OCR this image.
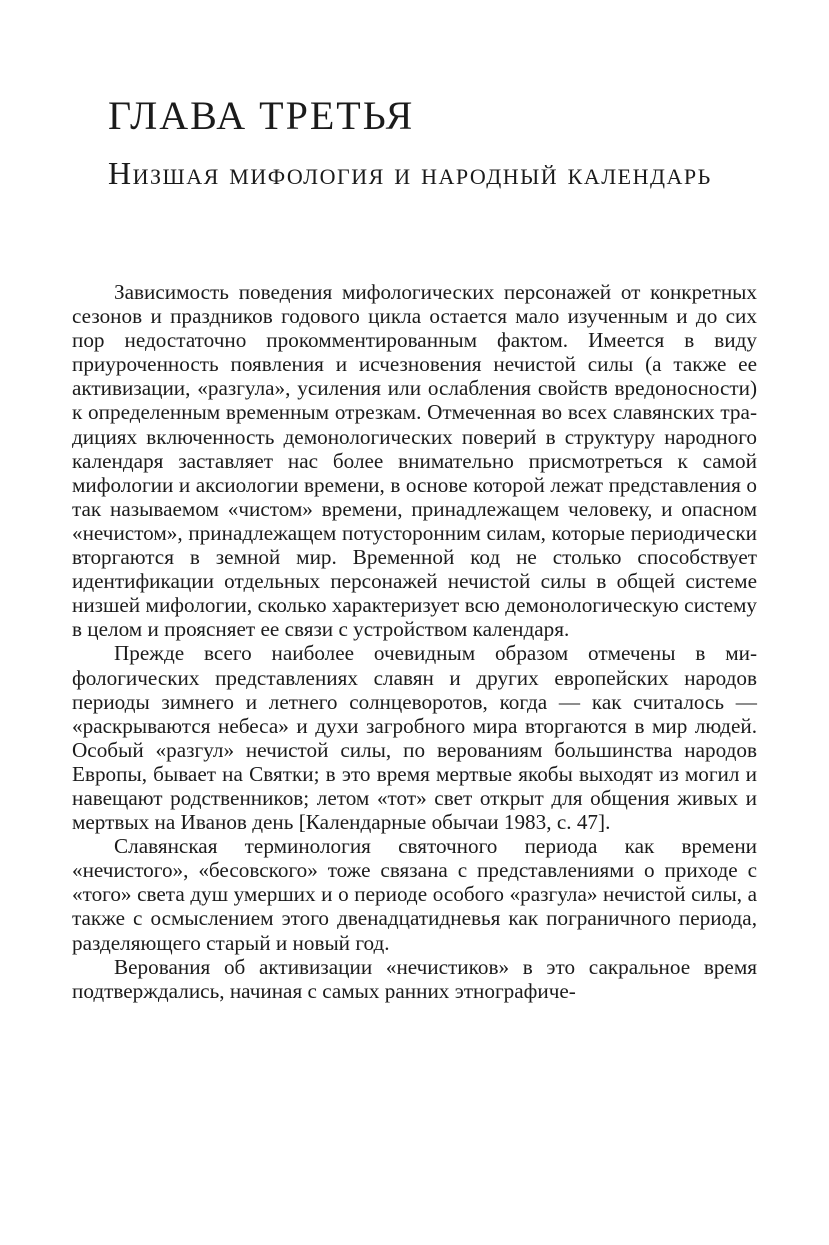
ГЛАВА ТРЕТЬЯ
Низшая мифология и народный календарь

Зависимость поведения мифологических персонажей от конкретных сезонов и праздников годового цикла остается мало изученным и до сих пор недостаточно прокомментированным фактом. Имеется в виду приуроченность появления и исчезновения нечистой силы (а также ее активизации, «разгула», усиления или ослабления свойств вредоносности) к определенным временным отрезкам. Отмеченная во всех славянских традициях включенность демонологических поверий в структуру народного календаря заставляет нас более внимательно присмотреться к самой мифологии и аксиологии времени, в основе которой лежат представления о так называемом «чистом» времени, принадлежащем человеку, и опасном «нечистом», принадлежащем потусторонним силам, которые периодически вторгаются в земной мир. Временной код не столько способствует идентификации отдельных персонажей нечистой силы в общей системе низшей мифологии, сколько характеризует всю демонологическую систему в целом и проясняет ее связи с устройством календаря.

Прежде всего наиболее очевидным образом отмечены в мифологических представлениях славян и других европейских народов периоды зимнего и летнего солнцеворотов, когда — как считалось — «раскрываются небеса» и духи загробного мира вторгаются в мир людей. Особый «разгул» нечистой силы, по верованиям большинства народов Европы, бывает на Святки; в это время мертвые якобы выходят из могил и навещают родственников; летом «тот» свет открыт для общения живых и мертвых на Иванов день [Календарные обычаи 1983, с. 47].

Славянская терминология святочного периода как времени «нечистого», «бесовского» тоже связана с представлениями о приходе с «того» света душ умерших и о периоде особого «разгула» нечистой силы, а также с осмыслением этого двенадцатидневья как пограничного периода, разделяющего старый и новый год.

Верования об активизации «нечистиков» в это сакральное время подтверждались, начиная с самых ранних этнографиче-
